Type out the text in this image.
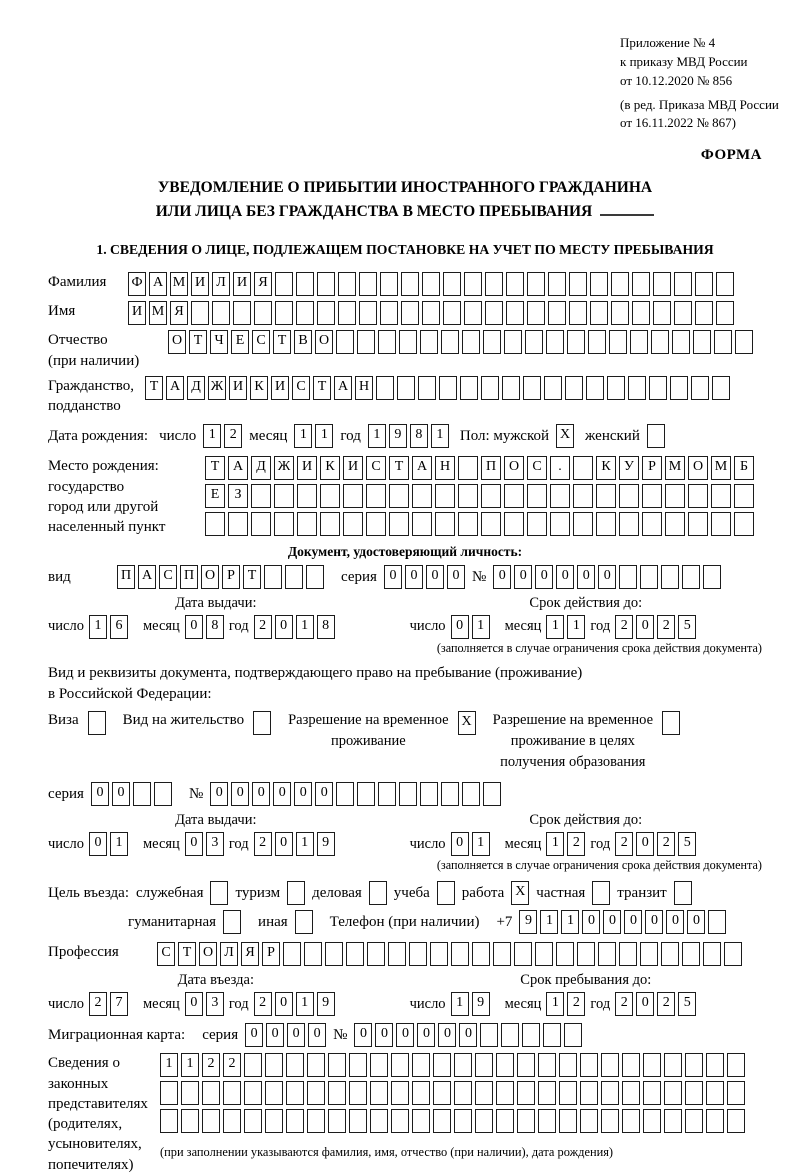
Приложение № 4
к приказу МВД России
от 10.12.2020 № 856
(в ред. Приказа МВД России
от 16.11.2022 № 867)
ФОРМА
УВЕДОМЛЕНИЕ О ПРИБЫТИИ ИНОСТРАННОГО ГРАЖДАНИНА
ИЛИ ЛИЦА БЕЗ ГРАЖДАНСТВА В МЕСТО ПРЕБЫВАНИЯ
1. СВЕДЕНИЯ О ЛИЦЕ, ПОДЛЕЖАЩЕМ ПОСТАНОВКЕ НА УЧЕТ ПО МЕСТУ ПРЕБЫВАНИЯ
Фамилия	Ф А М И Л И Я
Имя	И М Я
Отчество
(при наличии)
О Т Ч Е С Т В О
Гражданство,
подданство
Т А Д Ж И К И С Т А Н
Дата рождения: число 1	2 месяц 1	1 год 1	9	8	1	Пол: мужской X женский
Место рождения:
государство
город или другой
населенный пункт
Т А Д Ж И К И С	Т А Н	П О С	.	К У	Р М О М Б
Е	З
Документ, удостоверяющий личность:
вид	П А С П О Р Т	серия 0	0	0	0 № 0	0	0	0	0	0
Дата выдачи:
число 1	6	месяц 0	8 год 2	0	1	8
Срок действия до:
число 0	1	месяц 1	1 год 2	0	2	5
(заполняется в случае ограничения срока действия документа)
Вид и реквизиты документа, подтверждающего право на пребывание (проживание)
в Российской Федерации:
Виза	Вид на жительство	Разрешение на временное
проживание
X Разрешение на временное
проживание в целях
получения образования
серия 0	0	№ 0	0	0	0	0	0
Дата выдачи:
число 0	1	месяц 0	3 год 2	0	1	9
Срок действия до:
число 0	1	месяц 1	2 год 2	0	2	5
(заполняется в случае ограничения срока действия документа)
Цель въезда: служебная туризм деловая учеба работа X частная транзит
гуманитарная	иная	Телефон (при наличии) +7 9	1	1	0	0	0	0	0	0
Профессия	С Т О Л Я Р
Дата въезда:
число 2	7	месяц 0	3 год 2	0	1	9
Срок пребывания до:
число 1	9	месяц 1	2 год 2	0	2	5
Миграционная карта: серия 0	0	0	0 № 0	0	0	0	0	0
Сведения о
законных
представителях
(родителях,
усыновителях,
попечителях)
1	1	2	2
(при заполнении указываются фамилия, имя, отчество (при наличии), дата рождения)
